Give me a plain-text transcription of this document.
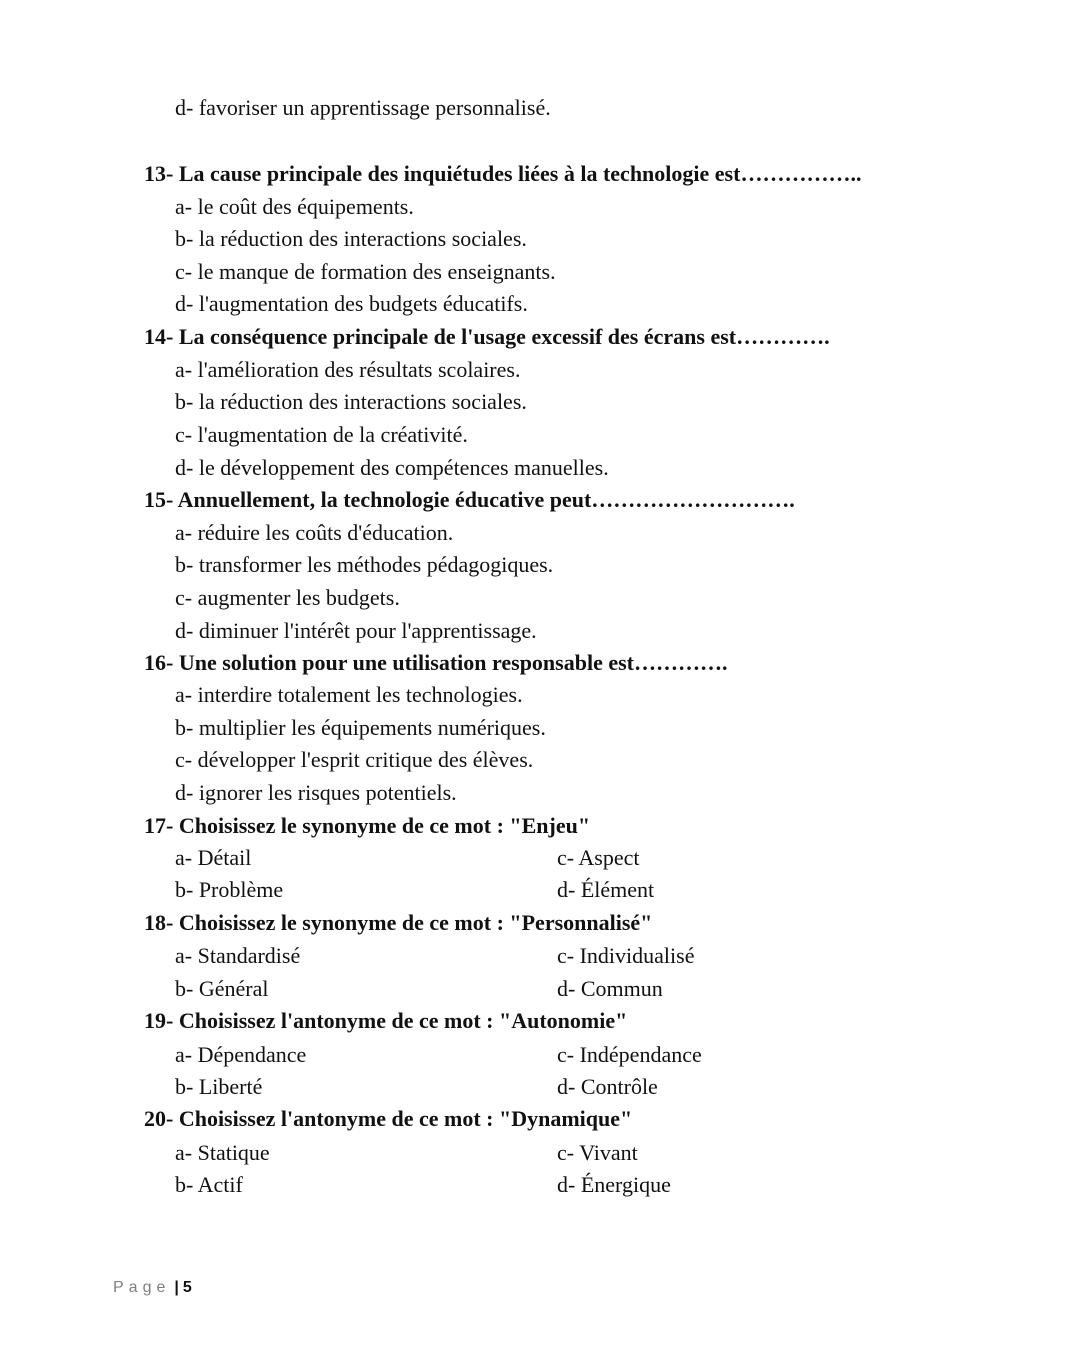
d- favoriser un apprentissage personnalisé.
13- La cause principale des inquiétudes liées à la technologie est……………..
a- le coût des équipements.
b- la réduction des interactions sociales.
c- le manque de formation des enseignants.
d- l'augmentation des budgets éducatifs.
14- La conséquence principale de l'usage excessif des écrans est………….
a- l'amélioration des résultats scolaires.
b- la réduction des interactions sociales.
c- l'augmentation de la créativité.
d- le développement des compétences manuelles.
15- Annuellement, la technologie éducative peut……………………….
a- réduire les coûts d'éducation.
b- transformer les méthodes pédagogiques.
c- augmenter les budgets.
d- diminuer l'intérêt pour l'apprentissage.
16- Une solution pour une utilisation responsable est………….
a- interdire totalement les technologies.
b- multiplier les équipements numériques.
c- développer l'esprit critique des élèves.
d- ignorer les risques potentiels.
17- Choisissez le synonyme de ce mot : "Enjeu"
a- Détail	c- Aspect
b- Problème	d- Élément
18- Choisissez le synonyme de ce mot : "Personnalisé"
a- Standardisé	c- Individualisé
b- Général	d- Commun
19- Choisissez l'antonyme de ce mot : "Autonomie"
a- Dépendance	c- Indépendance
b- Liberté	d- Contrôle
20- Choisissez l'antonyme de ce mot : "Dynamique"
a- Statique	c- Vivant
b- Actif	d- Énergique
Page | 5
